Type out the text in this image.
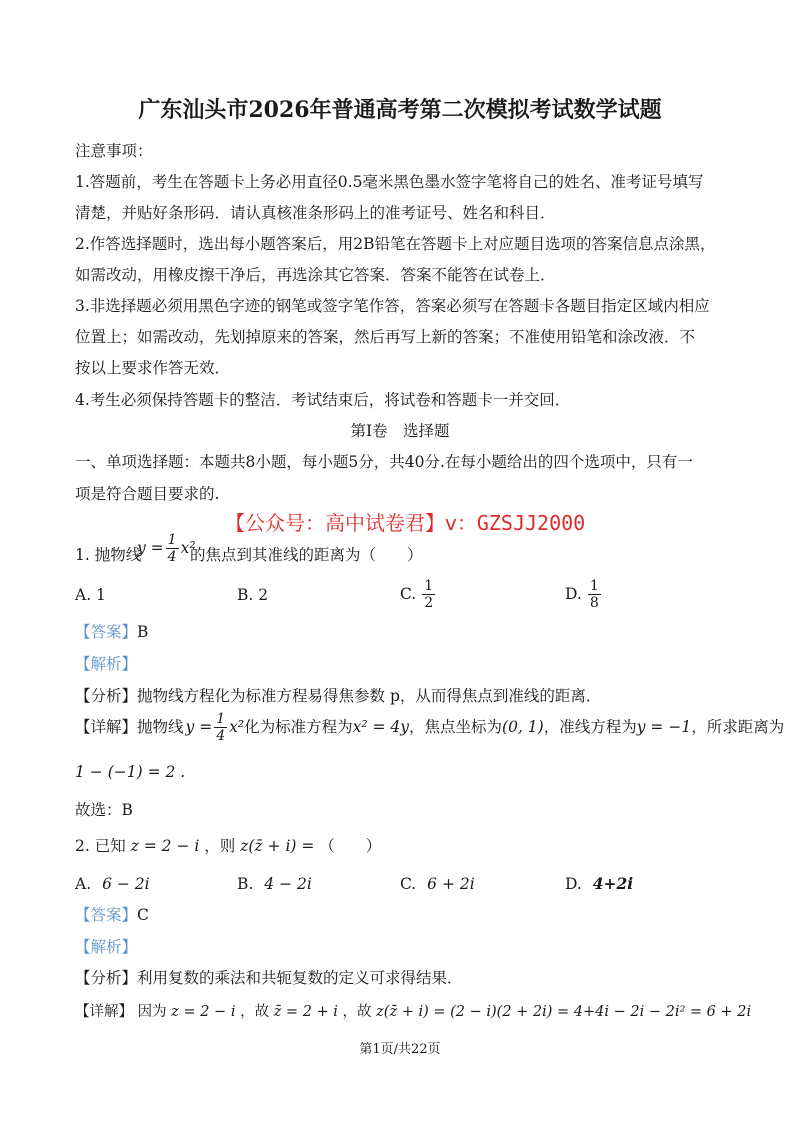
广东汕头市2026年普通高考第二次模拟考试数学试题
注意事项：
1.答题前，考生在答题卡上务必用直径0.5毫米黑色墨水签字笔将自己的姓名、准考证号填写
清楚，并贴好条形码．请认真核准条形码上的准考证号、姓名和科目．
2.作答选择题时，选出每小题答案后，用2B铅笔在答题卡上对应题目选项的答案信息点涂黑，
如需改动，用橡皮擦干净后，再选涂其它答案．答案不能答在试卷上．
3.非选择题必须用黑色字迹的钢笔或签字笔作答，答案必须写在答题卡各题目指定区域内相应
位置上；如需改动，先划掉原来的答案，然后再写上新的答案；不准使用铅笔和涂改液．不
按以上要求作答无效．
4.考生必须保持答题卡的整洁．考试结束后，将试卷和答题卡一并交回．
第Ⅰ卷　选择题
一、单项选择题：本题共8小题，每小题5分，共40分.在每小题给出的四个选项中，只有一
项是符合题目要求的.
【公众号：高中试卷君】v：GZSJJ2000
1. 抛物线
$y = \frac{1}{4} x^2$
的焦点到其准线的距离为（　　）
A. 1	B. 2	C. $\frac{1}{2}$	D. $\frac{1}{8}$
【答案】B
【解析】
【分析】抛物线方程化为标准方程易得焦参数 p，从而得焦点到准线的距离．
【详解】 抛物线 $y = \frac{1}{4} x^2$ 化为标准方程为 x² = 4y ，焦点坐标为 (0, 1) ，准线方程为 y = −1 ，所求距离为
1 − (−1) = 2 .
故选：B
2. 已知 z = 2 − i ，则 z(z̄ + i) = （　　）
A. 6 − 2i	B. 4 − 2i	C. 6 + 2i	D. 4+2i
【答案】C
【解析】
【分析】利用复数的乘法和共轭复数的定义可求得结果．
【详解】 因为 z = 2 − i ，故 z̄ = 2 + i ，故 z(z̄ + i) = (2 − i)(2 + 2i) = 4+4i − 2i − 2i² = 6 + 2i
第1页/共22页
